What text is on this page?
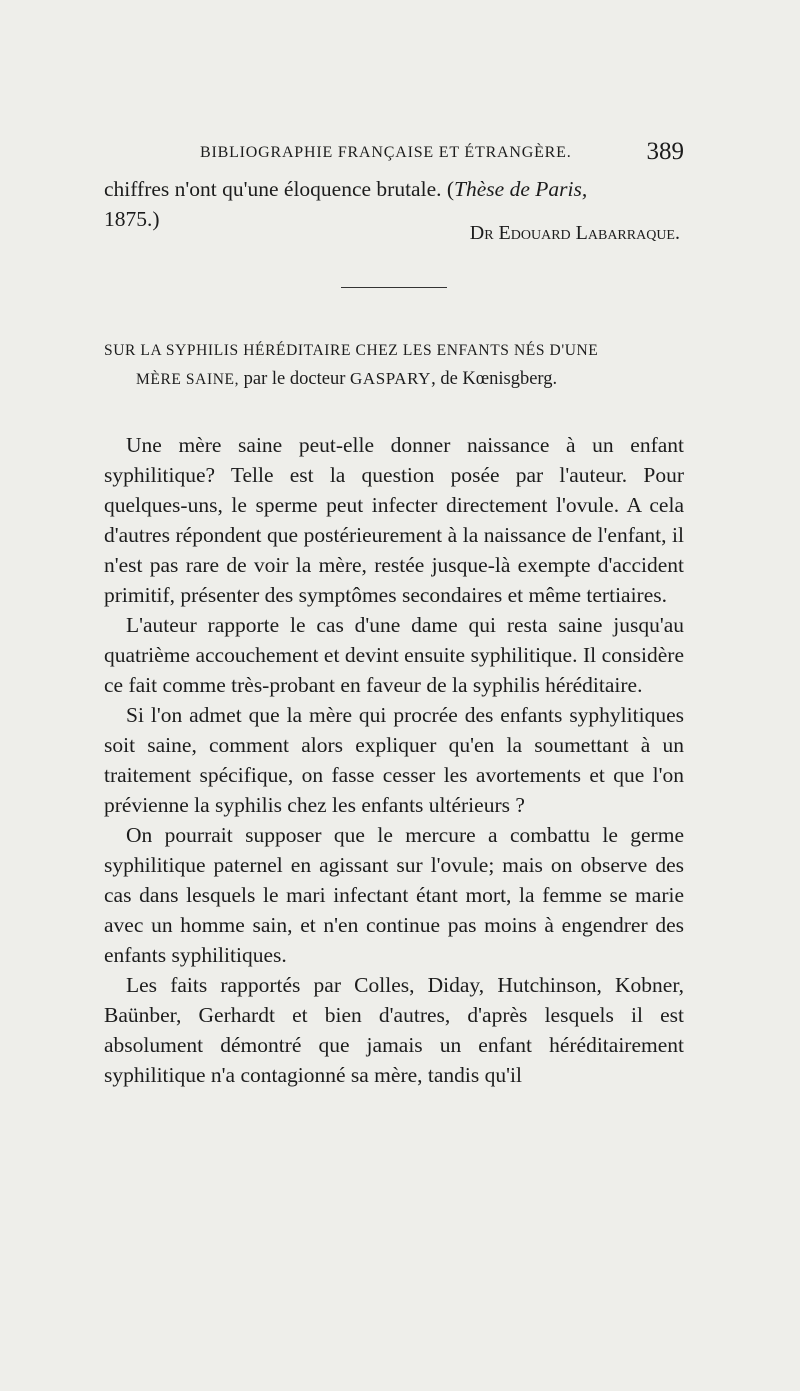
BIBLIOGRAPHIE FRANÇAISE ET ÉTRANGÈRE.	389

chiffres n'ont qu'une éloquence brutale. (Thèse de Paris,
1875.)

Dr Edouard Labarraque.

SUR LA SYPHILIS HÉRÉDITAIRE CHEZ LES ENFANTS NÉS D'UNE
MÈRE SAINE, par le docteur GASPARY, de Kœnisgberg.

Une mère saine peut-elle donner naissance à un enfant syphilitique? Telle est la question posée par l'auteur. Pour quelques-uns, le sperme peut infecter directement l'ovule. A cela d'autres répondent que postérieurement à la naissance de l'enfant, il n'est pas rare de voir la mère, restée jusque-là exempte d'accident primitif, présenter des symptômes secondaires et même tertiaires.

L'auteur rapporte le cas d'une dame qui resta saine jusqu'au quatrième accouchement et devint ensuite syphilitique. Il considère ce fait comme très-probant en faveur de la syphilis héréditaire.

Si l'on admet que la mère qui procrée des enfants syphylitiques soit saine, comment alors expliquer qu'en la soumettant à un traitement spécifique, on fasse cesser les avortements et que l'on prévienne la syphilis chez les enfants ultérieurs ?

On pourrait supposer que le mercure a combattu le germe syphilitique paternel en agissant sur l'ovule; mais on observe des cas dans lesquels le mari infectant étant mort, la femme se marie avec un homme sain, et n'en continue pas moins à engendrer des enfants syphilitiques.

Les faits rapportés par Colles, Diday, Hutchinson, Kobner, Baünber, Gerhardt et bien d'autres, d'après lesquels il est absolument démontré que jamais un enfant héréditairement syphilitique n'a contagionné sa mère, tandis qu'il
